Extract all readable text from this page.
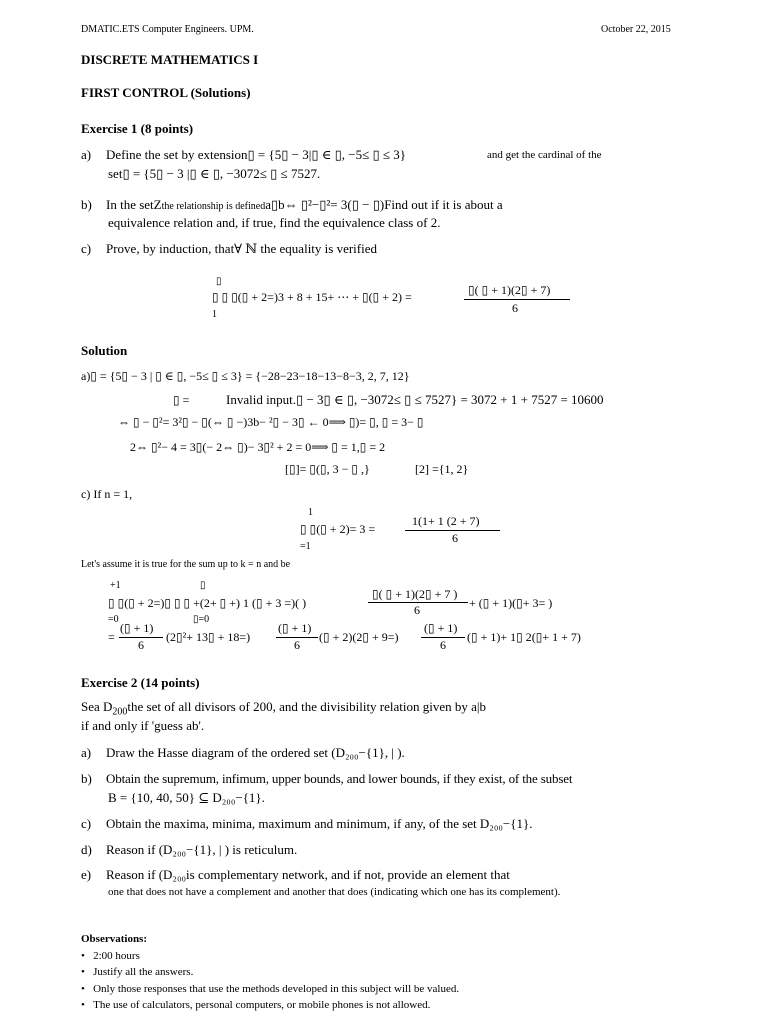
DMATIC.ETS Computer Engineers. UPM.	October 22, 2015
DISCRETE MATHEMATICS I
FIRST CONTROL (Solutions)
Exercise 1 (8 points)
a) Define the set by extension▯ = {5▯ − 3|▯ ∈ ▯, −5≤ ▯ ≤ 3}	and get the cardinal of the
set▯ = {5▯ − 3 |▯ ∈ ▯, −3072≤ ▯ ≤ 7527.
b) In the setZthe relationship is defineda▯b⇔ ▯²−▯²= 3(▯ − ▯)Find out if it is about a
equivalence relation and, if true, find the equivalence class of 2.
c) Prove, by induction, that∀ ℕ the equality is verified
▯
▯ ▯ ▯(▯ + 2=)3 + 8 + 15+ ⋯ + ▯(▯ + 2) =
1
▯( ▯ + 1)(2▯ + 7)
6
Solution
a)▯ = {5▯ − 3 | ▯ ∈ ▯, −5≤ ▯ ≤ 3} = {−28−23−18−13−8−3, 2, 7, 12}
▯ =	Invalid input.▯ − 3▯ ∈ ▯, −3072≤ ▯ ≤ 7527} = 3072 + 1 + 7527 = 10600
⇔ ▯ − ▯²= 3²▯ − ▯(⇔ ▯ −)3b− ²▯ − 3▯ ← 0⟹ ▯)= ▯, ▯ = 3− ▯
2⇔ ▯²− 4 = 3▯(− 2⇔ ▯)− 3▯² + 2 = 0⟹ ▯ = 1,▯ = 2
[▯]= ▯(▯, 3 − ▯ ,}	[2] ={1, 2}
c) If n = 1,
1
▯ ▯(▯ + 2)= 3 =
=1
1(1+ 1 (2 + 7)
6
Let's assume it is true for the sum up to k = n and be
+1	▯
▯ ▯(▯ + 2=)▯ ▯ ▯ +(2+ ▯ +) 1 (▯ + 3 =)( )
=0	▯=0
▯( ▯ + 1)(2▯ + 7 )
6	+ (▯ + 1)(▯+ 3= )
=
(▯ + 1)
6
(2▯²+ 13▯ + 18=)
(▯ + 1)
6
(▯ + 2)(2▯ + 9=)
(▯ + 1)
6
(▯ + 1)+ 1▯ 2(▯+ 1 + 7)
Exercise 2 (14 points)
Sea $D_{200}the$ set of all divisors of 200, and the divisibility relation given by a|b
if and only if 'guess ab'.
a) Draw the Hasse diagram of the ordered set (D₂₀₀−{1}, | ).
b) Obtain the supremum, infimum, upper bounds, and lower bounds, if they exist, of the subset
B = {10, 40, 50} ⊆ D₂₀₀−{1}.
c) Obtain the maxima, minima, maximum and minimum, if any, of the set D₂₀₀−{1}.
d) Reason if (D₂₀₀−{1}, | ) is reticulum.
e) Reason if (D₂₀₀is complementary network, and if not, provide an element that
one that does not have a complement and another that does (indicating which one has its complement).
Observations:
•   2:00 hours
•   Justify all the answers.
•   Only those responses that use the methods developed in this subject will be valued.
•   The use of calculators, personal computers, or mobile phones is not allowed.
